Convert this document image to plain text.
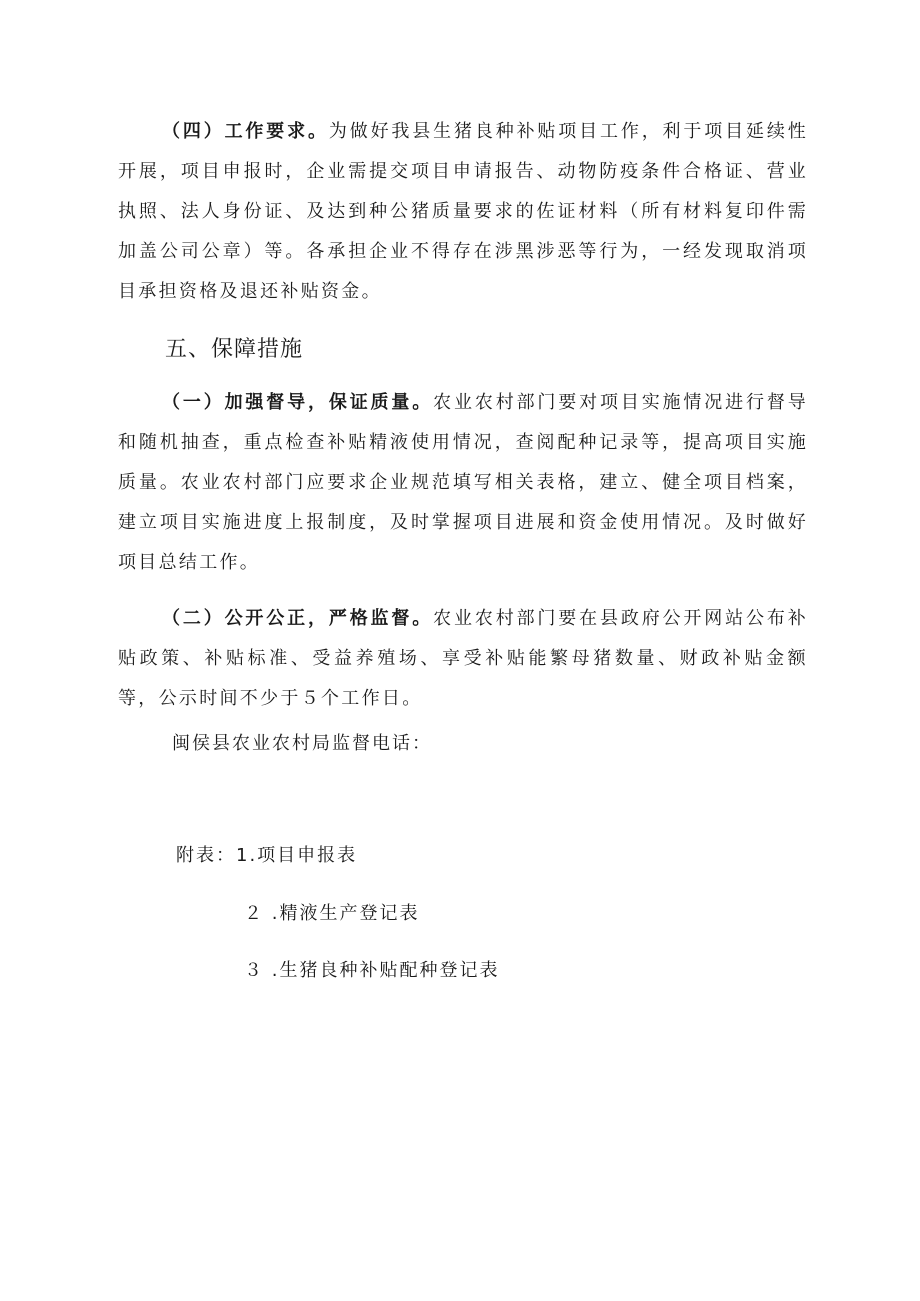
（四）工作要求。为做好我县生猪良种补贴项目工作，利于项目延续性开展，项目申报时，企业需提交项目申请报告、动物防疫条件合格证、营业执照、法人身份证、及达到种公猪质量要求的佐证材料（所有材料复印件需加盖公司公章）等。各承担企业不得存在涉黑涉恶等行为，一经发现取消项目承担资格及退还补贴资金。

五、保障措施

（一）加强督导，保证质量。农业农村部门要对项目实施情况进行督导和随机抽查，重点检查补贴精液使用情况，查阅配种记录等，提高项目实施质量。农业农村部门应要求企业规范填写相关表格，建立、健全项目档案，建立项目实施进度上报制度，及时掌握项目进展和资金使用情况。及时做好项目总结工作。

（二）公开公正，严格监督。农业农村部门要在县政府公开网站公布补贴政策、补贴标准、受益养殖场、享受补贴能繁母猪数量、财政补贴金额等，公示时间不少于５个工作日。

闽侯县农业农村局监督电话：

附表：1.项目申报表

２ .精液生产登记表

３ .生猪良种补贴配种登记表
